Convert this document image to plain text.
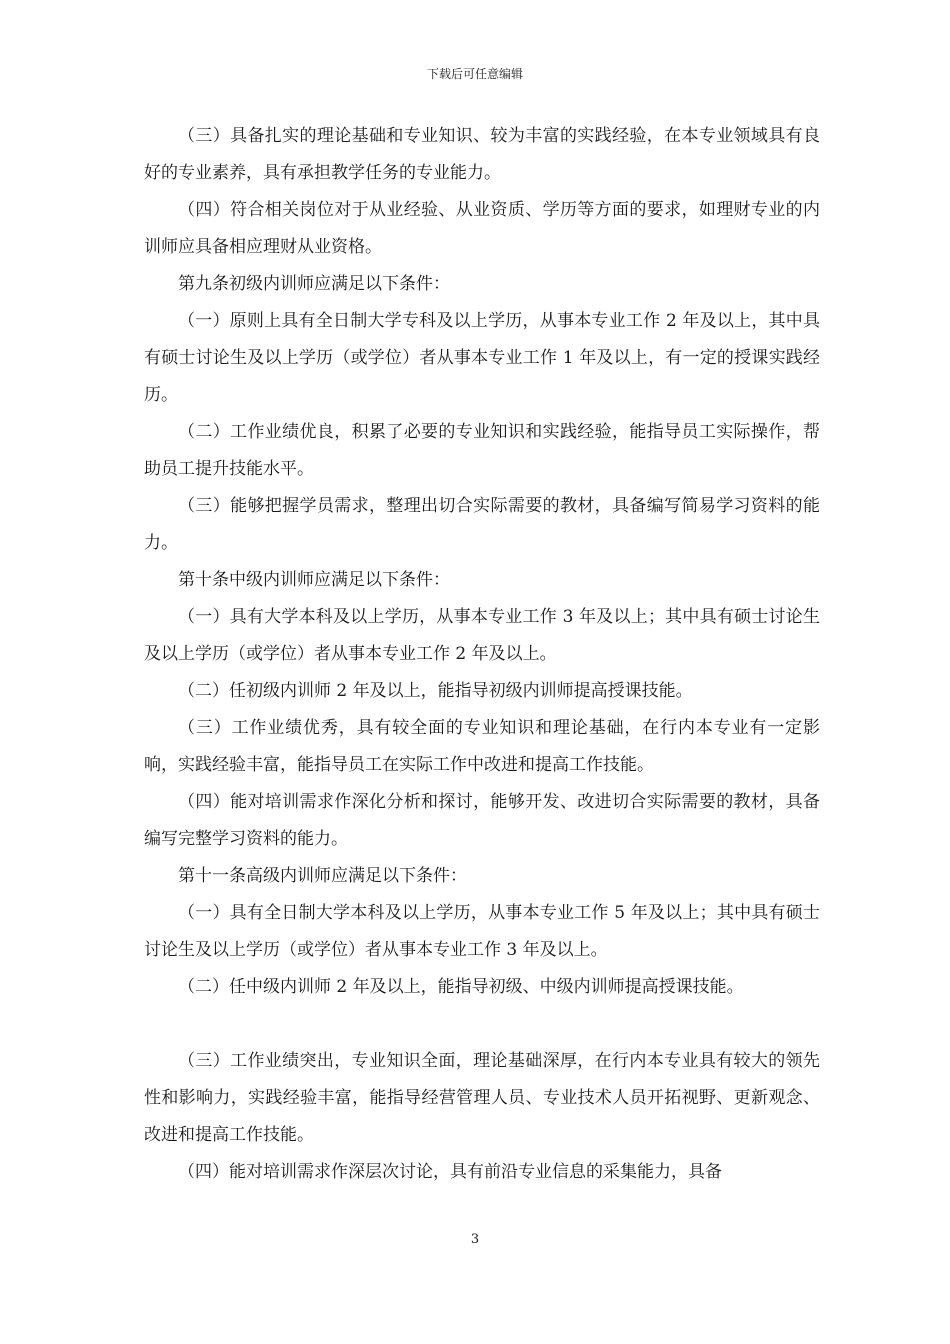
下载后可任意编辑

（三）具备扎实的理论基础和专业知识、较为丰富的实践经验，在本专业领域具有良好的专业素养，具有承担教学任务的专业能力。

（四）符合相关岗位对于从业经验、从业资质、学历等方面的要求，如理财专业的内训师应具备相应理财从业资格。

第九条初级内训师应满足以下条件：

（一）原则上具有全日制大学专科及以上学历，从事本专业工作 2 年及以上，其中具有硕士讨论生及以上学历（或学位）者从事本专业工作 1 年及以上，有一定的授课实践经历。

（二）工作业绩优良，积累了必要的专业知识和实践经验，能指导员工实际操作，帮助员工提升技能水平。

（三）能够把握学员需求，整理出切合实际需要的教材，具备编写简易学习资料的能力。

第十条中级内训师应满足以下条件：

（一）具有大学本科及以上学历，从事本专业工作 3 年及以上；其中具有硕士讨论生及以上学历（或学位）者从事本专业工作 2 年及以上。

（二）任初级内训师 2 年及以上，能指导初级内训师提高授课技能。

（三）工作业绩优秀，具有较全面的专业知识和理论基础，在行内本专业有一定影响，实践经验丰富，能指导员工在实际工作中改进和提高工作技能。

（四）能对培训需求作深化分析和探讨，能够开发、改进切合实际需要的教材，具备编写完整学习资料的能力。

第十一条高级内训师应满足以下条件：

（一）具有全日制大学本科及以上学历，从事本专业工作 5 年及以上；其中具有硕士讨论生及以上学历（或学位）者从事本专业工作 3 年及以上。

（二）任中级内训师 2 年及以上，能指导初级、中级内训师提高授课技能。

（三）工作业绩突出，专业知识全面，理论基础深厚，在行内本专业具有较大的领先性和影响力，实践经验丰富，能指导经营管理人员、专业技术人员开拓视野、更新观念、改进和提高工作技能。

（四）能对培训需求作深层次讨论，具有前沿专业信息的采集能力，具备

3
